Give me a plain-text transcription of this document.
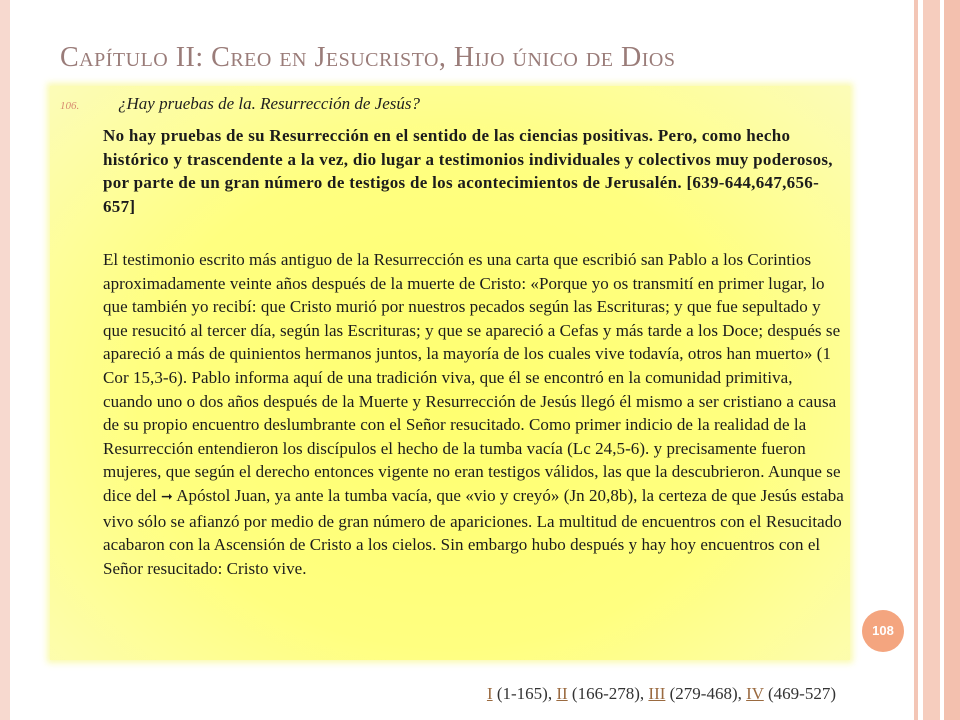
Capítulo II: Creo en Jesucristo, Hijo único de Dios
106. ¿Hay pruebas de la. Resurrección de Jesús?
No hay pruebas de su Resurrección en el sentido de las ciencias positivas. Pero, como hecho histórico y trascendente a la vez, dio lugar a testimonios individuales y colectivos muy poderosos, por parte de un gran número de testigos de los acontecimientos de Jerusalén. [639-644,647,656-657]
El testimonio escrito más antiguo de la Resurrección es una carta que escribió san Pablo a los Corintios aproximadamente veinte años después de la muerte de Cristo: «Porque yo os transmití en primer lugar, lo que también yo recibí: que Cristo murió por nuestros pecados según las Escrituras; y que fue sepultado y que resucitó al tercer día, según las Escrituras; y que se apareció a Cefas y más tarde a los Doce; después se apareció a más de quinientos hermanos juntos, la mayoría de los cuales vive todavía, otros han muerto» (1 Cor 15,3-6). Pablo informa aquí de una tradición viva, que él se encontró en la comunidad primitiva, cuando uno o dos años después de la Muerte y Resurrección de Jesús llegó él mismo a ser cristiano a causa de su propio encuentro deslumbrante con el Señor resucitado. Como primer indicio de la realidad de la Resurrección entendieron los discípulos el hecho de la tumba vacía (Lc 24,5-6). y precisamente fueron mujeres, que según el derecho entonces vigente no eran testigos válidos, las que la descubrieron. Aunque se dice del ➞ Apóstol Juan, ya ante la tumba vacía, que «vio y creyó» (Jn 20,8b), la certeza de que Jesús estaba vivo sólo se afianzó por medio de gran número de apariciones. La multitud de encuentros con el Resucitado acabaron con la Ascensión de Cristo a los cielos. Sin embargo hubo después y hay hoy encuentros con el Señor resucitado: Cristo vive.
108
I (1-165), II (166-278), III (279-468), IV (469-527)
